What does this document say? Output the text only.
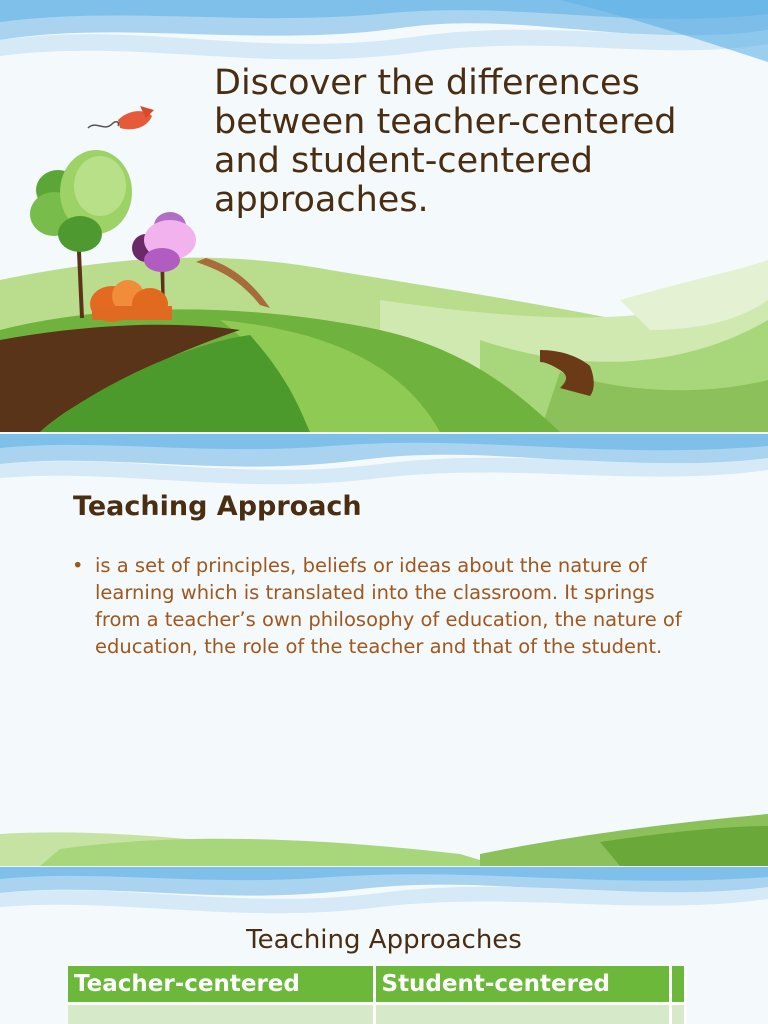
Discover the differences between teacher-centered and student-centered approaches.
Teaching Approach
• is a set of principles, beliefs or ideas about the nature of learning which is translated into the classroom. It springs from a teacher’s own philosophy of education, the nature of education, the role of the teacher and that of the student.
Teaching Approaches
Teacher-centered	Student-centered	
